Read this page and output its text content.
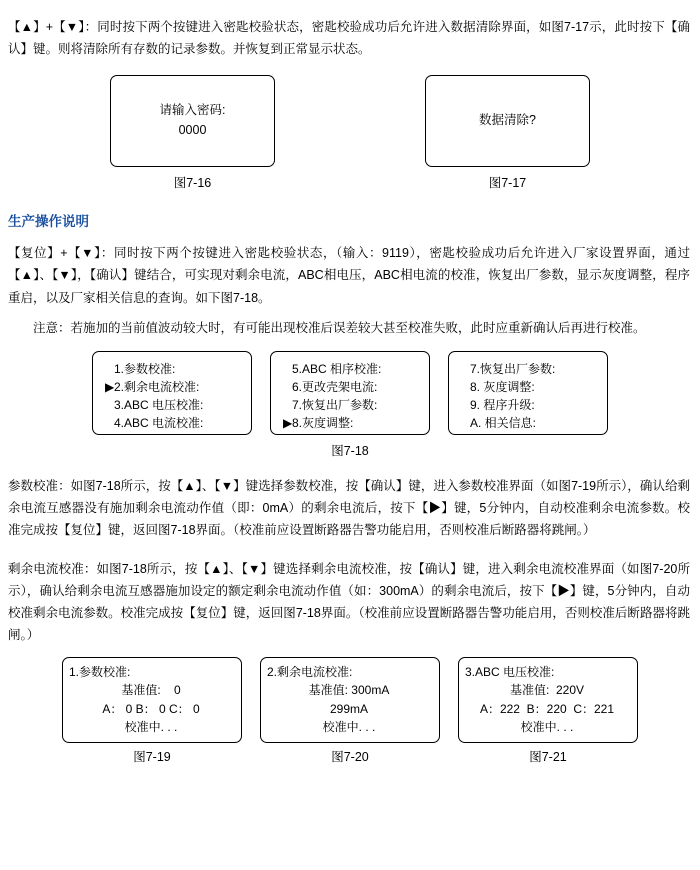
【▲】+【▼】：同时按下两个按键进入密匙校验状态，密匙校验成功后允许进入数据清除界面，如图7-17示，此时按下【确认】键。则将清除所有存数的记录参数。并恢复到正常显示状态。

请输入密码:
0000
数据清除?
图7-16	图7-17
生产操作说明

【复位】+【▼】：同时按下两个按键进入密匙校验状态，（输入：9119），密匙校验成功后允许进入厂家设置界面，通过【▲】、【▼】，【确认】键结合，可实现对剩余电流，ABC相电压，ABC相电流的校准，恢复出厂参数，显示灰度调整，程序重启，以及厂家相关信息的查询。如下图7-18。

注意：若施加的当前值波动较大时，有可能出现校准后误差较大甚至校准失败，此时应重新确认后再进行校准。

1.参数校准:
▶2.剩余电流校准:
3.ABC 电压校准:
4.ABC 电流校准:
5.ABC 相序校准:
6.更改壳架电流:
7.恢复出厂参数:
▶8.灰度调整:
7.恢复出厂参数:
8. 灰度调整:
9. 程序升级:
A. 相关信息:
图7-18

参数校准：如图7-18所示，按【▲】、【▼】键选择参数校准，按【确认】键，进入参数校准界面（如图7-19所示），确认给剩余电流互感器没有施加剩余电流动作值（即：0mA）的剩余电流后，按下【▶】键，5分钟内，自动校准剩余电流参数。校准完成按【复位】键，返回图7-18界面。（校准前应设置断路器告警功能启用，否则校准后断路器将跳闸。）

剩余电流校准：如图7-18所示，按【▲】、【▼】键选择剩余电流校准，按【确认】键，进入剩余电流校准界面（如图7-20所示），确认给剩余电流互感器施加设定的额定剩余电流动作值（如：300mA）的剩余电流后，按下【▶】键，5分钟内，自动校准剩余电流参数。校准完成按【复位】键，返回图7-18界面。（校准前应设置断路器告警功能启用，否则校准后断路器将跳闸。）

1.参数校准:
基准值:    0
A： 0 B： 0 C： 0
校准中. . .
2.剩余电流校准:
基准值: 300mA
299mA
校准中. . .
3.ABC 电压校准:
基准值:  220V
A：222  B：220  C：221
校准中. . .
图7-19	图7-20	图7-21
